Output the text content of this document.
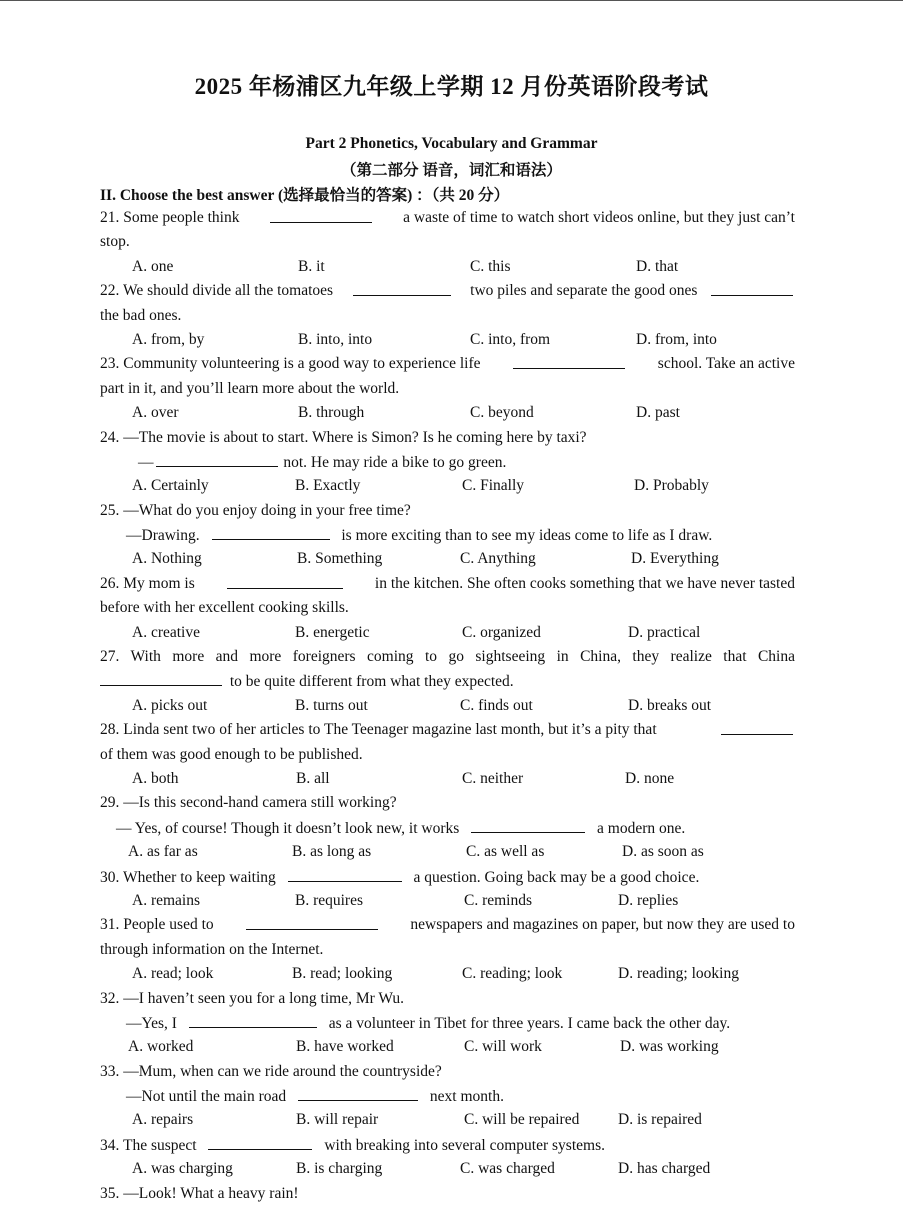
2025 年杨浦区九年级上学期 12 月份英语阶段考试
Part 2 Phonetics, Vocabulary and Grammar
（第二部分 语音，词汇和语法）
II. Choose the best answer (选择最恰当的答案) ：（共 20 分）
21. Some people think	a waste of time to watch short videos online, but they just can’t
stop.
A. one	B. it	C. this	D. that
22. We should divide all the tomatoes	two piles and separate the good ones
the bad ones.
A. from, by	B. into, into	C. into, from	D. from, into
23. Community volunteering is a good way to experience life	school. Take an active
part in it, and you’ll learn more about the world.
A. over	B. through	C. beyond	D. past
24. —The movie is about to start. Where is Simon? Is he coming here by taxi?
—	not. He may ride a bike to go green.
A. Certainly	B. Exactly	C. Finally	D. Probably
25. —What do you enjoy doing in your free time?
—Drawing.	is more exciting than to see my ideas come to life as I draw.
A. Nothing	B. Something	C. Anything	D. Everything
26. My mom is	in the kitchen. She often cooks something that we have never tasted
before with her excellent cooking skills.
A. creative	B. energetic	C. organized	D. practical
27. With more and more foreigners coming to go sightseeing in China, they realize that China
to be quite different from what they expected.
A. picks out	B. turns out	C. finds out	D. breaks out
28. Linda sent two of her articles to The Teenager magazine last month, but it’s a pity that
of them was good enough to be published.
A. both	B. all	C. neither	D. none
29. —Is this second-hand camera still working?
— Yes, of course! Though it doesn’t look new, it works	a modern one.
A. as far as	B. as long as	C. as well as	D. as soon as
30. Whether to keep waiting	a question. Going back may be a good choice.
A. remains	B. requires	C. reminds	D. replies
31. People used to	newspapers and magazines on paper, but now they are used to
through information on the Internet.
A. read; look	B. read; looking	C. reading; look	D. reading; looking
32. —I haven’t seen you for a long time, Mr Wu.
—Yes, I	as a volunteer in Tibet for three years. I came back the other day.
A. worked	B. have worked	C. will work	D. was working
33. —Mum, when can we ride around the countryside?
—Not until the main road	next month.
A. repairs	B. will repair	C. will be repaired D. is repaired
34. The suspect	with breaking into several computer systems.
A. was charging	B. is charging	C. was charged	D. has charged
35. —Look! What a heavy rain!
